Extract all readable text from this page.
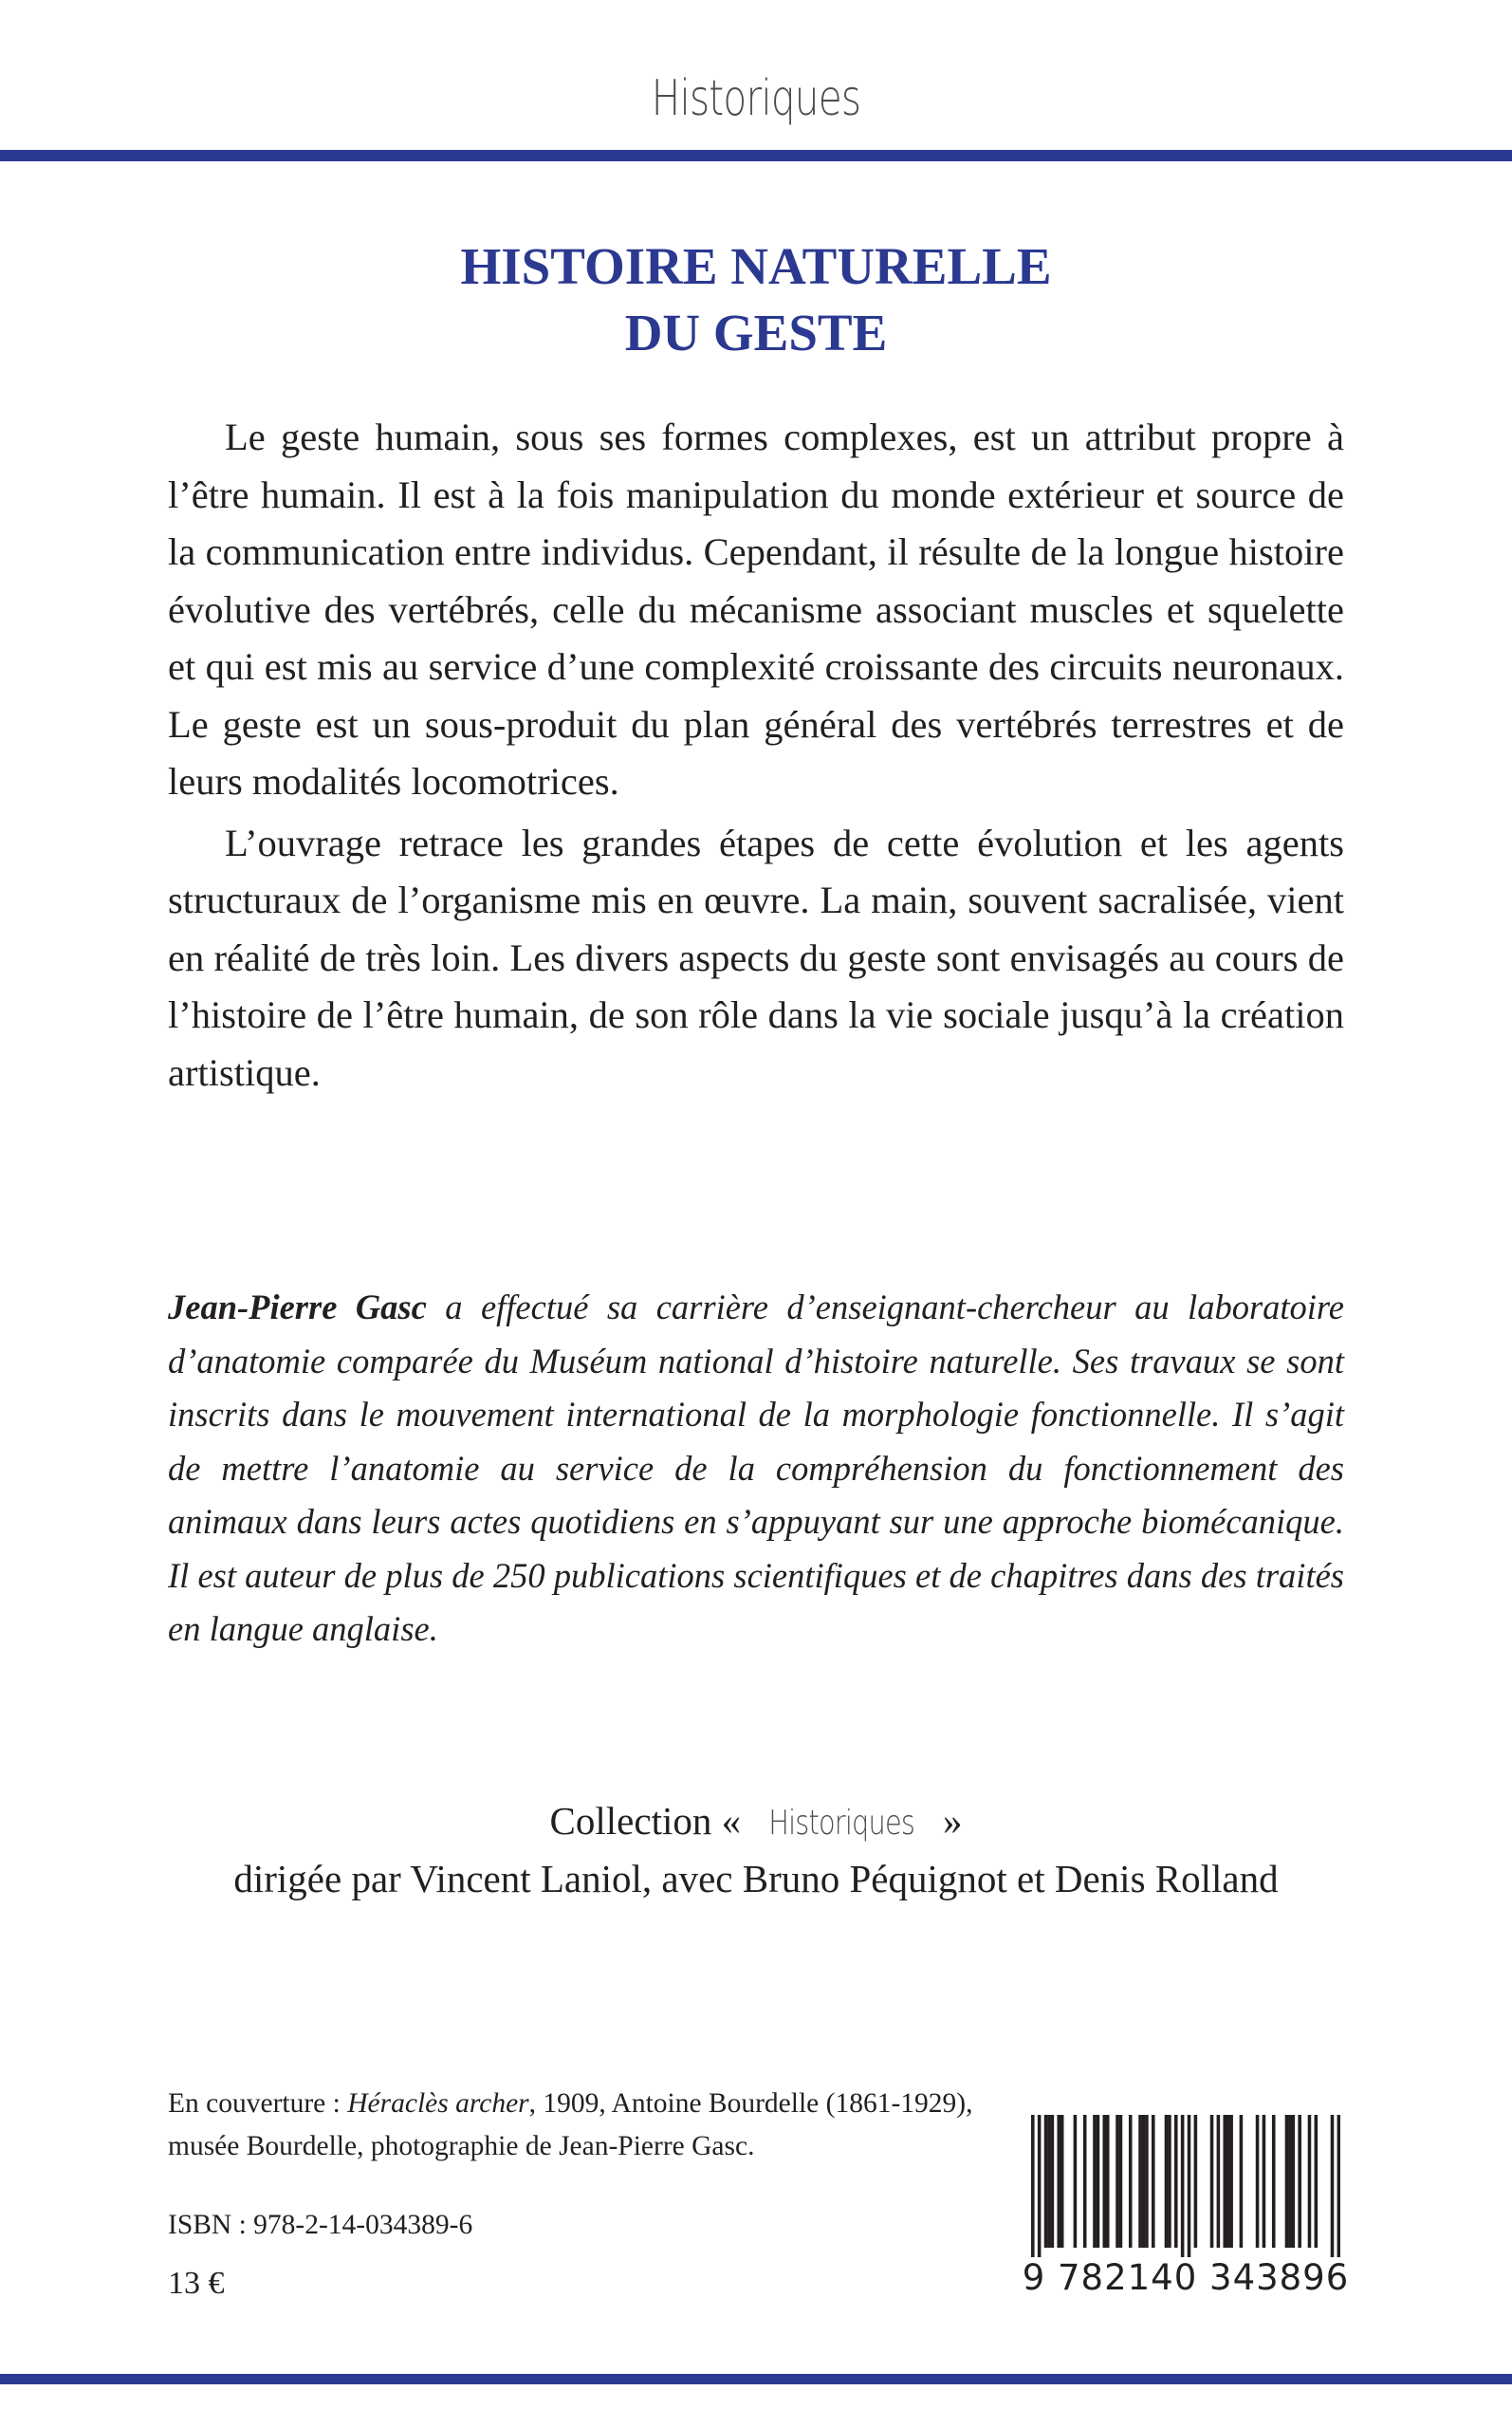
Historiques
HISTOIRE NATURELLE
DU GESTE

Le geste humain, sous ses formes complexes, est un attribut propre à l’être humain. Il est à la fois manipulation du monde extérieur et source de la communication entre individus. Cependant, il résulte de la longue histoire évolutive des vertébrés, celle du mécanisme associant muscles et squelette et qui est mis au service d’une complexité croissante des circuits neuronaux. Le geste est un sous-produit du plan général des vertébrés terrestres et de leurs modalités locomotrices.

L’ouvrage retrace les grandes étapes de cette évolution et les agents structuraux de l’organisme mis en œuvre. La main, souvent sacralisée, vient en réalité de très loin. Les divers aspects du geste sont envisagés au cours de l’histoire de l’être humain, de son rôle dans la vie sociale jusqu’à la création artistique.

Jean-Pierre Gasc a effectué sa carrière d’enseignant-chercheur au laboratoire d’anatomie comparée du Muséum national d’histoire naturelle. Ses travaux se sont inscrits dans le mouvement international de la morphologie fonctionnelle. Il s’agit de mettre l’anatomie au service de la compréhension du fonctionnement des animaux dans leurs actes quotidiens en s’appuyant sur une approche biomécanique. Il est auteur de plus de 250 publications scientifiques et de chapitres dans des traités en langue anglaise.
Collection « Historiques »
dirigée par Vincent Laniol, avec Bruno Péquignot et Denis Rolland
En couverture : Héraclès archer, 1909, Antoine Bourdelle (1861-1929), musée Bourdelle, photographie de Jean-Pierre Gasc.
ISBN : 978-2-14-034389-6
13 €	9 782140 343896
